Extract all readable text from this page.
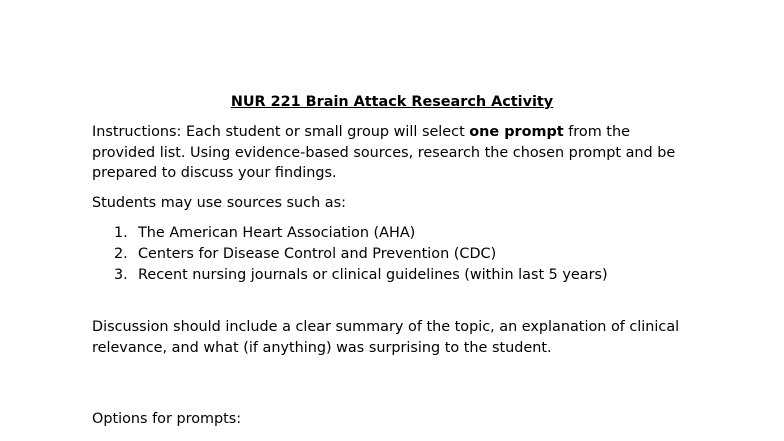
NUR 221 Brain Attack Research Activity
Instructions: Each student or small group will select one prompt from the provided list. Using evidence-based sources, research the chosen prompt and be prepared to discuss your findings.
Students may use sources such as:
1. The American Heart Association (AHA)
2. Centers for Disease Control and Prevention (CDC)
3. Recent nursing journals or clinical guidelines (within last 5 years)
Discussion should include a clear summary of the topic, an explanation of clinical relevance, and what (if anything) was surprising to the student.
Options for prompts:
